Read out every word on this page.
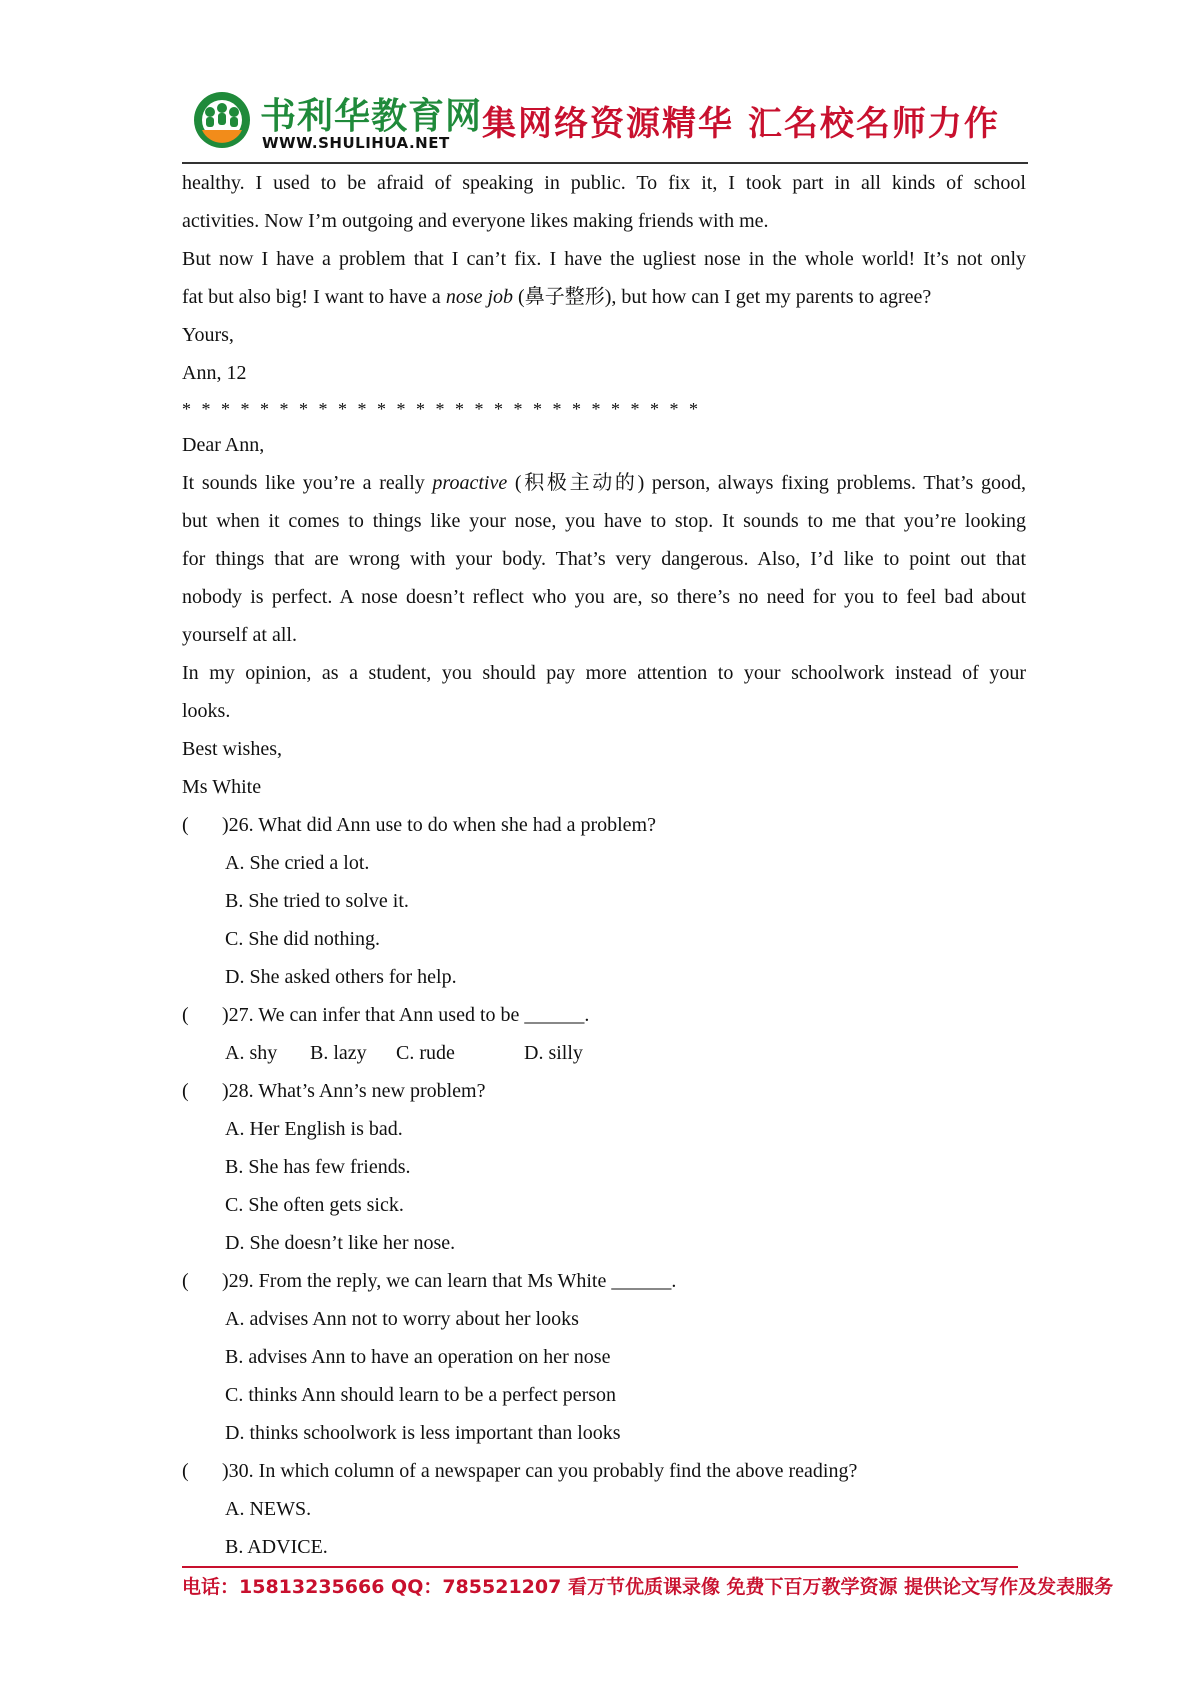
书利华教育网
WWW.SHULIHUA.NET 集网络资源精华 汇名校名师力作
healthy. I used to be afraid of speaking in public. To fix it, I took part in all kinds of school
activities. Now I’m outgoing and everyone likes making friends with me.
But now I have a problem that I can’t fix. I have the ugliest nose in the whole world! It’s not only
fat but also big! I want to have a nose job (鼻子整形), but how can I get my parents to agree?
Yours,
Ann, 12
* * * * * * * * * * * * * * * * * * * * * * * * * * *
Dear Ann,
It sounds like you’re a really proactive (积极主动的) person, always fixing problems. That’s good,
but when it comes to things like your nose, you have to stop. It sounds to me that you’re looking
for things that are wrong with your body. That’s very dangerous. Also, I’d like to point out that
nobody is perfect. A nose doesn’t reflect who you are, so there’s no need for you to feel bad about
yourself at all.
In my opinion, as a student, you should pay more attention to your schoolwork instead of your
looks.
Best wishes,
Ms White
(	)26. What did Ann use to do when she had a problem?
A. She cried a lot.
B. She tried to solve it.
C. She did nothing.
D. She asked others for help.
(	)27. We can infer that Ann used to be ______.
A. shy B. lazy C. rude	D. silly
(	)28. What’s Ann’s new problem?
A. Her English is bad.
B. She has few friends.
C. She often gets sick.
D. She doesn’t like her nose.
(	)29. From the reply, we can learn that Ms White ______.
A. advises Ann not to worry about her looks
B. advises Ann to have an operation on her nose
C. thinks Ann should learn to be a perfect person
D. thinks schoolwork is less important than looks
(	)30. In which column of a newspaper can you probably find the above reading?
A. NEWS.
B. ADVICE.
电话：15813235666 QQ：785521207 看万节优质课录像 免费下百万教学资源 提供论文写作及发表服务
